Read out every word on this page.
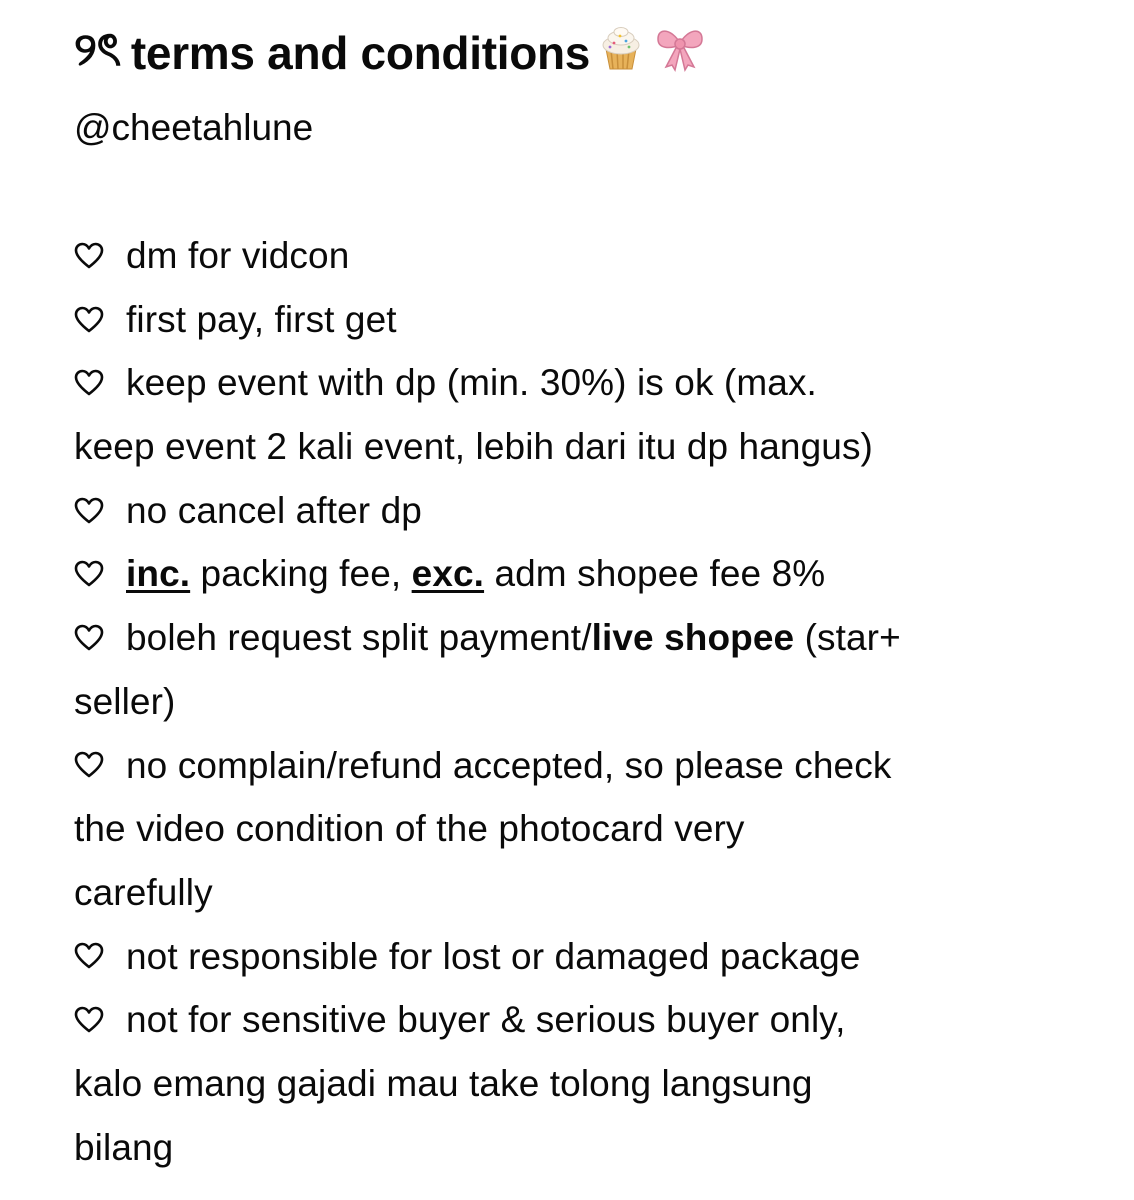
୨ৎ terms and conditions
@cheetahlune
dm for vidcon
first pay, first get
keep event with dp (min. 30%) is ok (max.
keep event 2 kali event, lebih dari itu dp hangus)
no cancel after dp
inc. packing fee, exc. adm shopee fee 8%
boleh request split payment/live shopee (star+
seller)
no complain/refund accepted, so please check
the video condition of the photocard very
carefully
not responsible for lost or damaged package
not for sensitive buyer & serious buyer only,
kalo emang gajadi mau take tolong langsung
bilang
